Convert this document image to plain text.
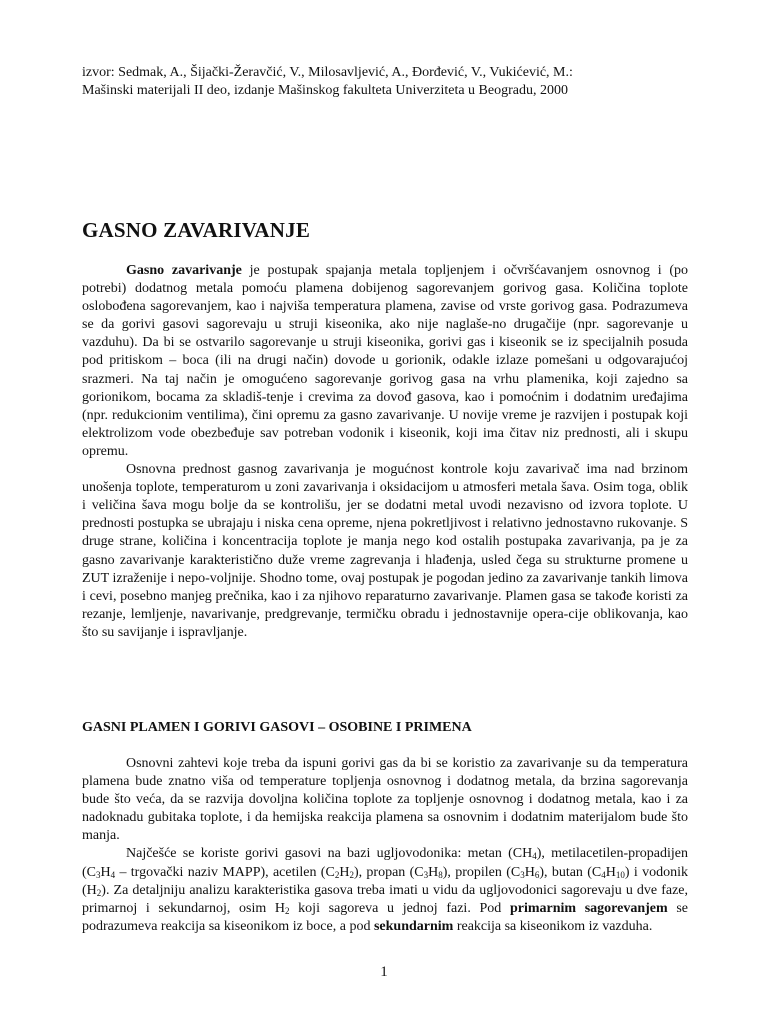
izvor: Sedmak, A., Šijački-Žeravčić, V., Milosavljević, A., Đorđević, V., Vukićević, M.:
Mašinski materijali II deo, izdanje Mašinskog fakulteta Univerziteta u Beogradu, 2000
GASNO ZAVARIVANJE

Gasno zavarivanje je postupak spajanja metala topljenjem i očvršćavanjem osnovnog i (po potrebi) dodatnog metala pomoću plamena dobijenog sagorevanjem gorivog gasa. Količina toplote oslobođena sagorevanjem, kao i najviša temperatura plamena, zavise od vrste gorivog gasa. Podrazumeva se da gorivi gasovi sagorevaju u struji kiseonika, ako nije naglaše-no drugačije (npr. sagorevanje u vazduhu). Da bi se ostvarilo sagorevanje u struji kiseonika, gorivi gas i kiseonik se iz specijalnih posuda pod pritiskom – boca (ili na drugi način) dovode u gorionik, odakle izlaze pomešani u odgovarajućoj srazmeri. Na taj način je omogućeno sagorevanje gorivog gasa na vrhu plamenika, koji zajedno sa gorionikom, bocama za skladiš-tenje i crevima za dovođ gasova, kao i pomoćnim i dodatnim uređajima (npr. redukcionim ventilima), čini opremu za gasno zavarivanje. U novije vreme je razvijen i postupak koji elektrolizom vode obezbeđuje sav potreban vodonik i kiseonik, koji ima čitav niz prednosti, ali i skupu opremu.

Osnovna prednost gasnog zavarivanja je mogućnost kontrole koju zavarivač ima nad brzinom unošenja toplote, temperaturom u zoni zavarivanja i oksidacijom u atmosferi metala šava. Osim toga, oblik i veličina šava mogu bolje da se kontrolišu, jer se dodatni metal uvodi nezavisno od izvora toplote. U prednosti postupka se ubrajaju i niska cena opreme, njena pokretljivost i relativno jednostavno rukovanje. S druge strane, količina i koncentracija toplote je manja nego kod ostalih postupaka zavarivanja, pa je za gasno zavarivanje karakteristično duže vreme zagrevanja i hlađenja, usled čega su strukturne promene u ZUT izraženije i nepo-voljnije. Shodno tome, ovaj postupak je pogodan jedino za zavarivanje tankih limova i cevi, posebno manjeg prečnika, kao i za njihovo reparaturno zavarivanje. Plamen gasa se takođe koristi za rezanje, lemljenje, navarivanje, predgrevanje, termičku obradu i jednostavnije opera-cije oblikovanja, kao što su savijanje i ispravljanje.

GASNI PLAMEN I GORIVI GASOVI – OSOBINE I PRIMENA

Osnovni zahtevi koje treba da ispuni gorivi gas da bi se koristio za zavarivanje su da temperatura plamena bude znatno viša od temperature topljenja osnovnog i dodatnog metala, da brzina sagorevanja bude što veća, da se razvija dovoljna količina toplote za topljenje osnovnog i dodatnog metala, kao i za nadoknadu gubitaka toplote, i da hemijska reakcija plamena sa osnovnim i dodatnim materijalom bude što manja.

Najčešće se koriste gorivi gasovi na bazi ugljovodonika: metan $(CH_4)$, metilacetilen-propadijen ($C_3H_4$ – trgovački naziv MAPP), acetilen $(C_2H_2)$, propan $(C_3H_8)$, propilen $(C_3H_6)$, butan $(C_4H_{10})$ i vodonik $(H_2)$. Za detaljniju analizu karakteristika gasova treba imati u vidu da ugljovodonici sagorevaju u dve faze, primarnoj i sekundarnoj, osim $H_2$ koji sagoreva u jednoj fazi. Pod primarnim sagorevanjem se podrazumeva reakcija sa kiseonikom iz boce, a pod sekundarnim reakcija sa kiseonikom iz vazduha.

1
